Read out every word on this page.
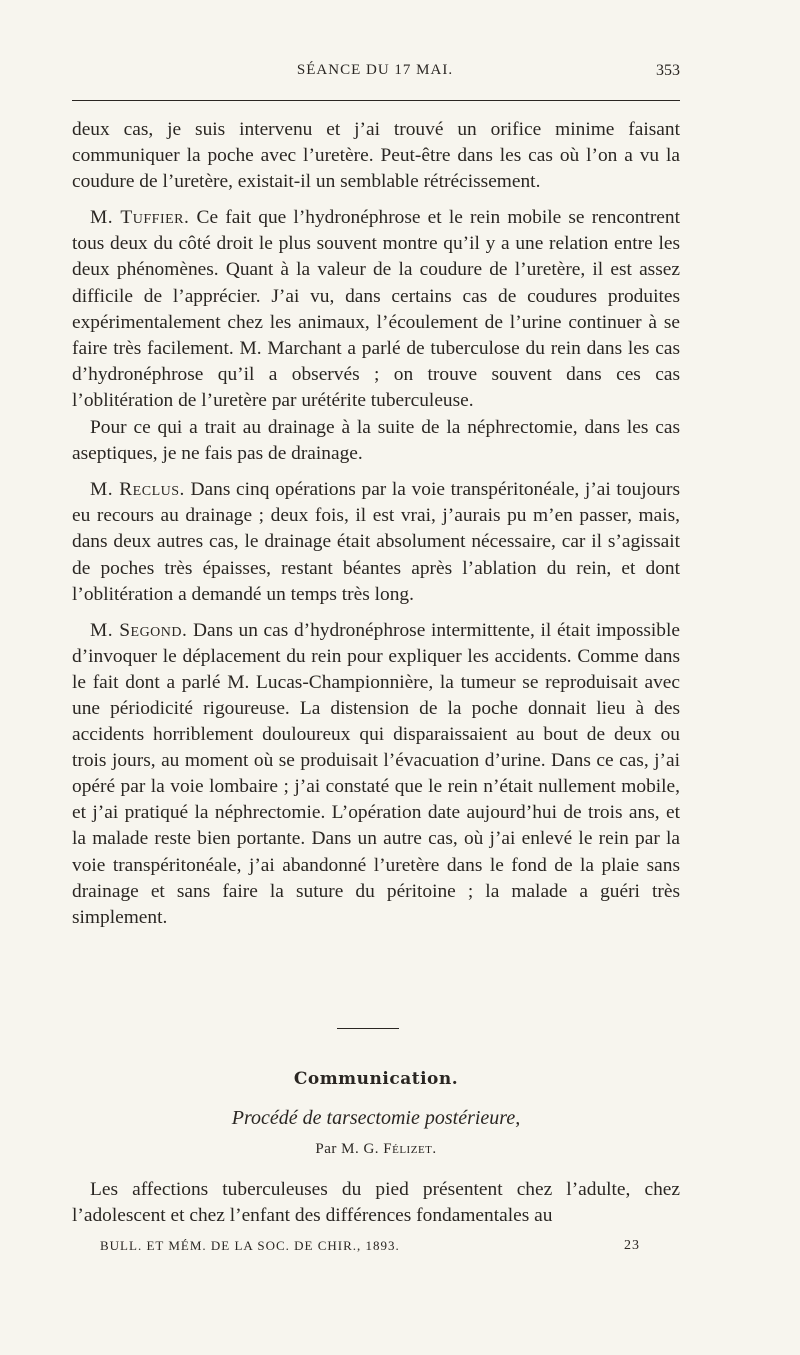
SÉANCE DU 17 MAI.	353

deux cas, je suis intervenu et j’ai trouvé un orifice minime faisant communiquer la poche avec l’uretère. Peut-être dans les cas où l’on a vu la coudure de l’uretère, existait-il un semblable rétrécissement.

M. Tuffier. Ce fait que l’hydronéphrose et le rein mobile se rencontrent tous deux du côté droit le plus souvent montre qu’il y a une relation entre les deux phénomènes. Quant à la valeur de la coudure de l’uretère, il est assez difficile de l’apprécier. J’ai vu, dans certains cas de coudures produites expérimentalement chez les animaux, l’écoulement de l’urine continuer à se faire très facilement. M. Marchant a parlé de tuberculose du rein dans les cas d’hydronéphrose qu’il a observés ; on trouve souvent dans ces cas l’oblitération de l’uretère par urétérite tuberculeuse.

Pour ce qui a trait au drainage à la suite de la néphrectomie, dans les cas aseptiques, je ne fais pas de drainage.

M. Reclus. Dans cinq opérations par la voie transpéritonéale, j’ai toujours eu recours au drainage ; deux fois, il est vrai, j’aurais pu m’en passer, mais, dans deux autres cas, le drainage était absolument nécessaire, car il s’agissait de poches très épaisses, restant béantes après l’ablation du rein, et dont l’oblitération a demandé un temps très long.

M. Segond. Dans un cas d’hydronéphrose intermittente, il était impossible d’invoquer le déplacement du rein pour expliquer les accidents. Comme dans le fait dont a parlé M. Lucas-Championnière, la tumeur se reproduisait avec une périodicité rigoureuse. La distension de la poche donnait lieu à des accidents horriblement douloureux qui disparaissaient au bout de deux ou trois jours, au moment où se produisait l’évacuation d’urine. Dans ce cas, j’ai opéré par la voie lombaire ; j’ai constaté que le rein n’était nullement mobile, et j’ai pratiqué la néphrectomie. L’opération date aujourd’hui de trois ans, et la malade reste bien portante. Dans un autre cas, où j’ai enlevé le rein par la voie transpéritonéale, j’ai abandonné l’uretère dans le fond de la plaie sans drainage et sans faire la suture du péritoine ; la malade a guéri très simplement.

Communication.
Procédé de tarsectomie postérieure,
Par M. G. Félizet.

Les affections tuberculeuses du pied présentent chez l’adulte, chez l’adolescent et chez l’enfant des différences fondamentales au

BULL. ET MÉM. DE LA SOC. DE CHIR., 1893.	23
